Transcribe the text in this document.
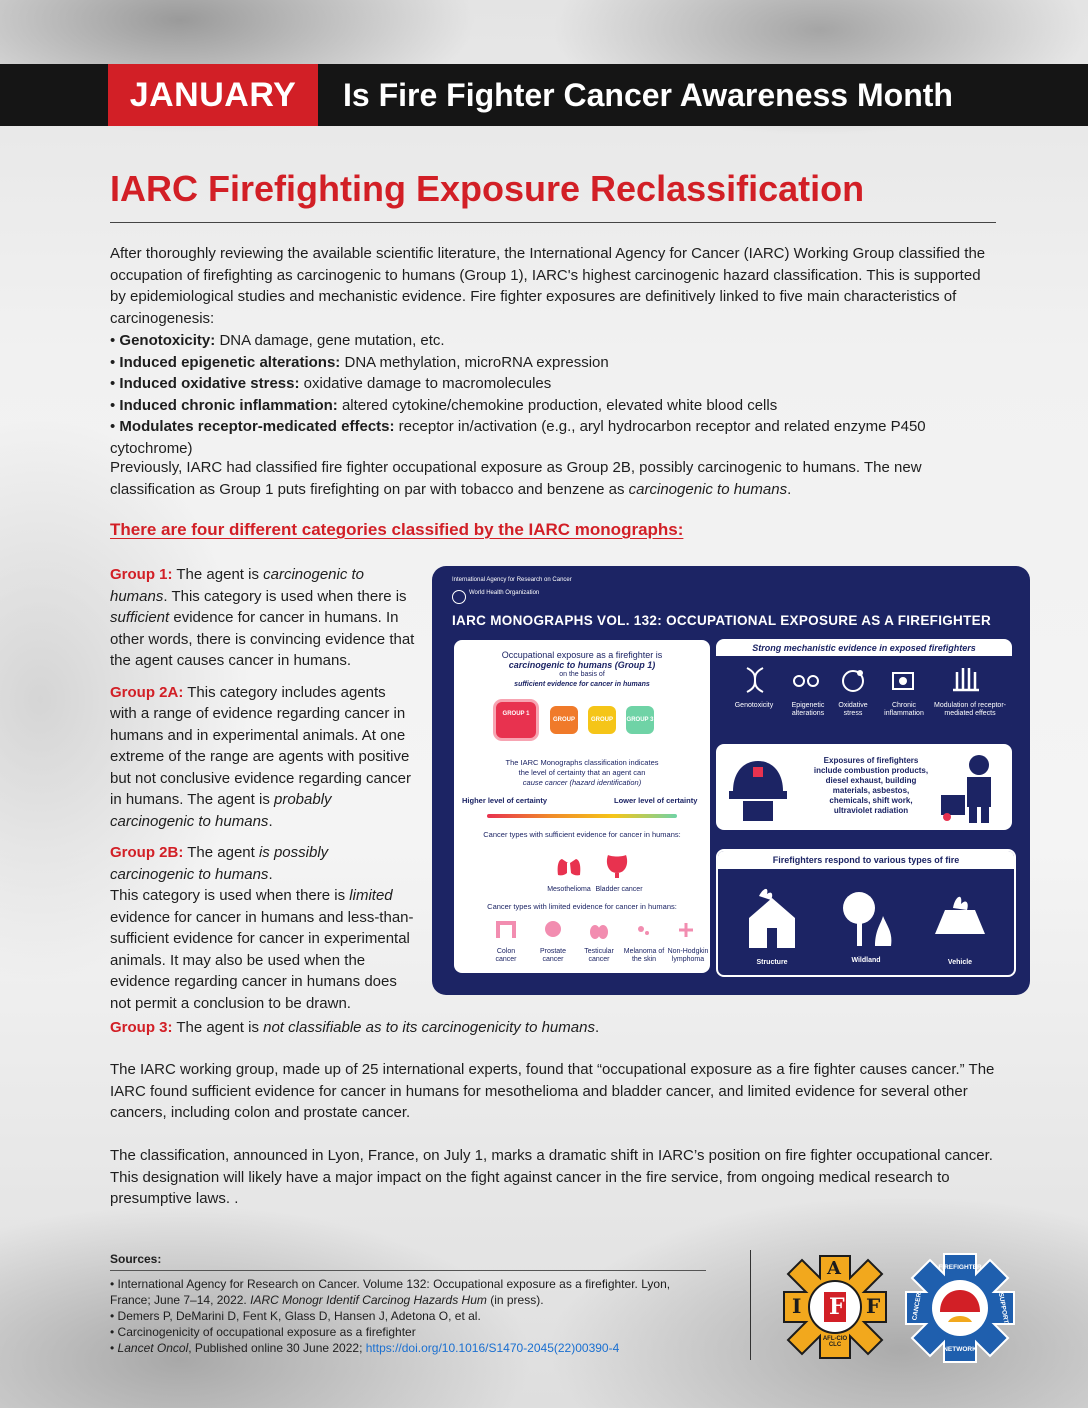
JANUARY	Is Fire Fighter Cancer Awareness Month
IARC Firefighting Exposure Reclassification

After thoroughly reviewing the available scientific literature, the International Agency for Cancer (IARC) Working Group classified the occupation of firefighting as carcinogenic to humans (Group 1), IARC's highest carcinogenic hazard classification. This is supported by epidemiological studies and mechanistic evidence. Fire fighter exposures are definitively linked to five main characteristics of carcinogenesis:

• Genotoxicity: DNA damage, gene mutation, etc.
• Induced epigenetic alterations: DNA methylation, microRNA expression
• Induced oxidative stress: oxidative damage to macromolecules
• Induced chronic inflammation: altered cytokine/chemokine production, elevated white blood cells
• Modulates receptor-medicated effects: receptor in/activation (e.g., aryl hydrocarbon receptor and related enzyme P450 cytochrome)

Previously, IARC had classified fire fighter occupational exposure as Group 2B, possibly carcinogenic to humans. The new classification as Group 1 puts firefighting on par with tobacco and benzene as carcinogenic to humans.

There are four different categories classified by the IARC monographs:

Group 1: The agent is carcinogenic to humans. This category is used when there is sufficient evidence for cancer in humans. In other words, there is convincing evidence that the agent causes cancer in humans.

Group 2A: This category includes agents with a range of evidence regarding cancer in humans and in experimental animals. At one extreme of the range are agents with positive but not conclusive evidence regarding cancer in humans. The agent is probably carcinogenic to humans.

Group 2B: The agent is possibly carcinogenic to humans.
This category is used when there is limited evidence for cancer in humans and less-than-sufficient evidence for cancer in experimental animals. It may also be used when the evidence regarding cancer in humans does not permit a conclusion to be drawn.

Group 3: The agent is not classifiable as to its carcinogenicity to humans.

International Agency for Research on Cancer
World Health Organization
IARC MONOGRAPHS VOL. 132: OCCUPATIONAL EXPOSURE AS A FIREFIGHTER
Occupational exposure as a firefighter is
carcinogenic to humans (Group 1)
on the basis of
sufficient evidence for cancer in humans
GROUP 1
GROUP 2A
GROUP 2B
GROUP 3
The IARC Monographs classification indicates
the level of certainty that an agent can
cause cancer (hazard identification)
Higher level of certainty	Lower level of certainty
Cancer types with sufficient evidence for cancer in humans:
Mesothelioma Bladder cancer
Cancer types with limited evidence for cancer in humans:
Colon cancer
Prostate cancer
Testicular cancer
Melanoma of the skin
Non-Hodgkin lymphoma
Strong mechanistic evidence in exposed firefighters
Genotoxicity	Epigenetic alterations
Oxidative stress
Chronic inflammation
Modulation of receptor-mediated effects
Exposures of firefighters
include combustion products,
diesel exhaust, building
materials, asbestos,
chemicals, shift work,
ultraviolet radiation
Firefighters respond to various types of fire
Structure	Wildland	Vehicle

The IARC working group, made up of 25 international experts, found that “occupational exposure as a fire fighter causes cancer.” The IARC found sufficient evidence for cancer in humans for mesothelioma and bladder cancer, and limited evidence for several other cancers, including colon and prostate cancer.

The classification, announced in Lyon, France, on July 1, marks a dramatic shift in IARC’s position on fire fighter occupational cancer. This designation will likely have a major impact on the fight against cancer in the fire service, from ongoing medical research to presumptive laws. .

Sources:

• International Agency for Research on Cancer. Volume 132: Occupational exposure as a firefighter. Lyon, France; June 7–14, 2022. IARC Monogr Identif Carcinog Hazards Hum (in press).
• Demers P, DeMarini D, Fent K, Glass D, Hansen J, Adetona O, et al.
• Carcinogenicity of occupational exposure as a firefighter
• Lancet Oncol, Published online 30 June 2022; https://doi.org/10.1016/S1470-2045(22)00390-4
A
I F F
AFL-CIO CLC
FIREFIGHTER
CANCER	SUPPORT
NETWORK
